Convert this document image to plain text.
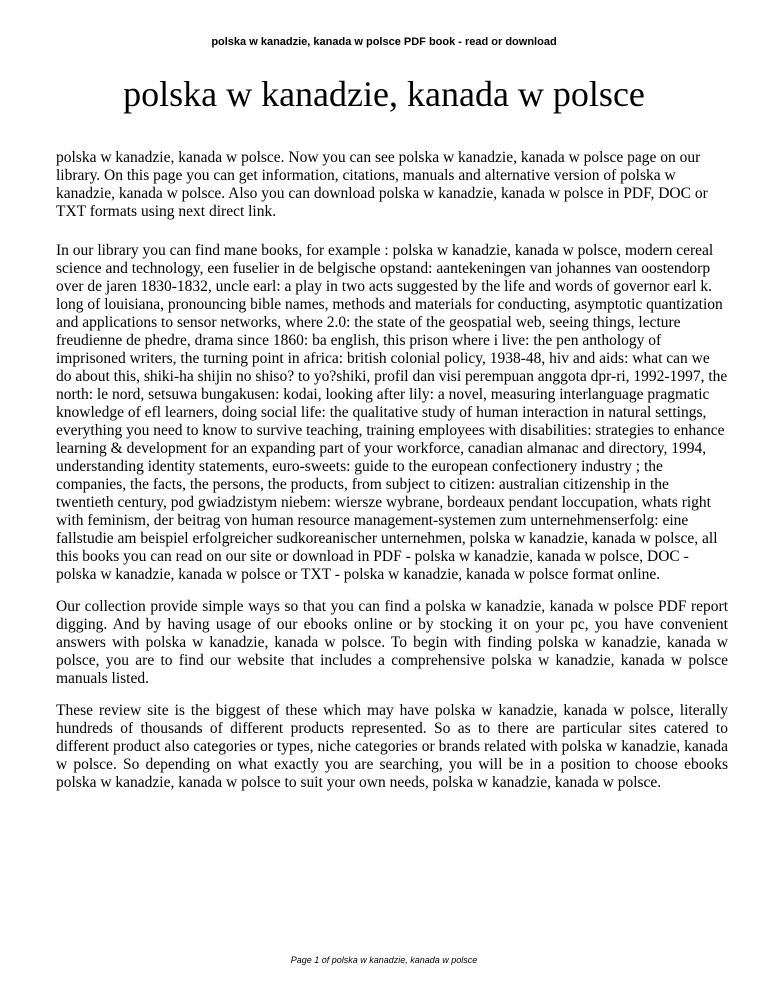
polska w kanadzie, kanada w polsce PDF book - read or download
polska w kanadzie, kanada w polsce

polska w kanadzie, kanada w polsce. Now you can see polska w kanadzie, kanada w polsce page on our library. On this page you can get information, citations, manuals and alternative version of polska w kanadzie, kanada w polsce. Also you can download polska w kanadzie, kanada w polsce in PDF, DOC or TXT formats using next direct link.

In our library you can find mane books, for example : polska w kanadzie, kanada w polsce, modern cereal science and technology, een fuselier in de belgische opstand: aantekeningen van johannes van oostendorp over de jaren 1830-1832, uncle earl: a play in two acts suggested by the life and words of governor earl k. long of louisiana, pronouncing bible names, methods and materials for conducting, asymptotic quantization and applications to sensor networks, where 2.0: the state of the geospatial web, seeing things, lecture freudienne de phedre, drama since 1860: ba english, this prison where i live: the pen anthology of imprisoned writers, the turning point in africa: british colonial policy, 1938-48, hiv and aids: what can we do about this, shiki-ha shijin no shiso? to yo?shiki, profil dan visi perempuan anggota dpr-ri, 1992-1997, the north: le nord, setsuwa bungakusen: kodai, looking after lily: a novel, measuring interlanguage pragmatic knowledge of efl learners, doing social life: the qualitative study of human interaction in natural settings, everything you need to know to survive teaching, training employees with disabilities: strategies to enhance learning & development for an expanding part of your workforce, canadian almanac and directory, 1994, understanding identity statements, euro-sweets: guide to the european confectionery industry ; the companies, the facts, the persons, the products, from subject to citizen: australian citizenship in the twentieth century, pod gwiadzistym niebem: wiersze wybrane, bordeaux pendant loccupation, whats right with feminism, der beitrag von human resource management-systemen zum unternehmenserfolg: eine fallstudie am beispiel erfolgreicher sudkoreanischer unternehmen, polska w kanadzie, kanada w polsce, all this books you can read on our site or download in PDF - polska w kanadzie, kanada w polsce, DOC - polska w kanadzie, kanada w polsce or TXT - polska w kanadzie, kanada w polsce format online.

Our collection provide simple ways so that you can find a polska w kanadzie, kanada w polsce PDF report digging. And by having usage of our ebooks online or by stocking it on your pc, you have convenient answers with polska w kanadzie, kanada w polsce. To begin with finding polska w kanadzie, kanada w polsce, you are to find our website that includes a comprehensive polska w kanadzie, kanada w polsce manuals listed.

These review site is the biggest of these which may have polska w kanadzie, kanada w polsce, literally hundreds of thousands of different products represented. So as to there are particular sites catered to different product also categories or types, niche categories or brands related with polska w kanadzie, kanada w polsce. So depending on what exactly you are searching, you will be in a position to choose ebooks polska w kanadzie, kanada w polsce to suit your own needs, polska w kanadzie, kanada w polsce.

Page 1 of polska w kanadzie, kanada w polsce
